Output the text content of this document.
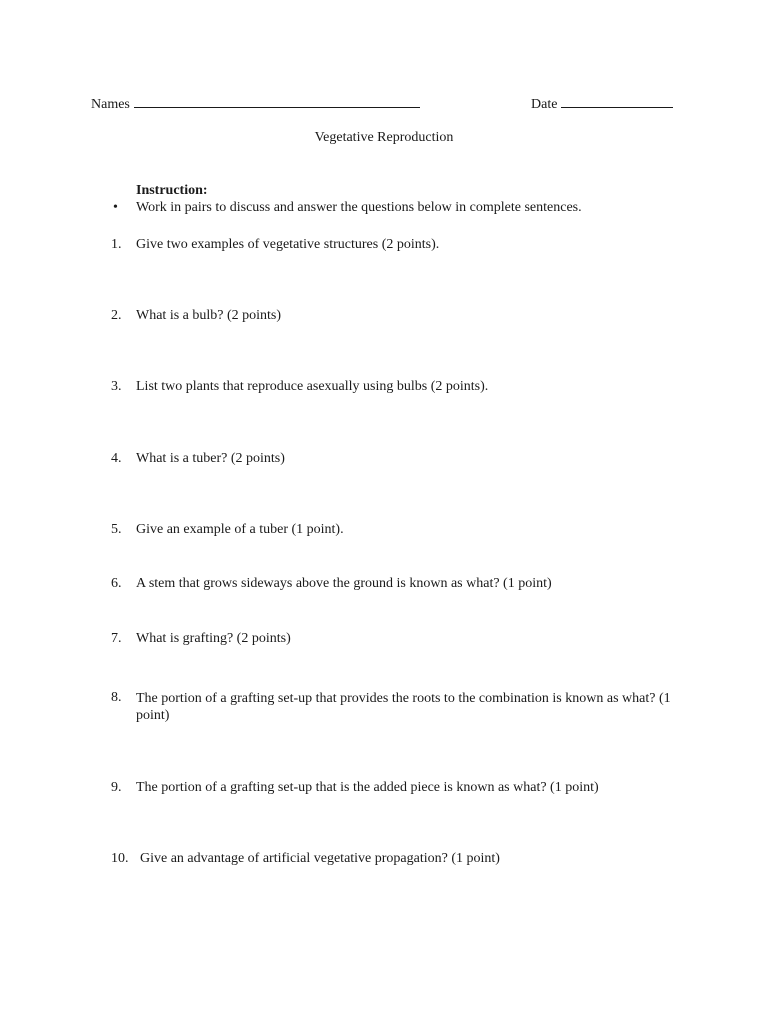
Names	Date
Vegetative Reproduction
Instruction:
• Work in pairs to discuss and answer the questions below in complete sentences.
1. Give two examples of vegetative structures (2 points).
2. What is a bulb? (2 points)
3. List two plants that reproduce asexually using bulbs (2 points).
4. What is a tuber? (2 points)
5. Give an example of a tuber (1 point).
6. A stem that grows sideways above the ground is known as what? (1 point)
7. What is grafting? (2 points)
8. The portion of a grafting set-up that provides the roots to the combination is known as what? (1 point)
9. The portion of a grafting set-up that is the added piece is known as what? (1 point)
10. Give an advantage of artificial vegetative propagation? (1 point)
